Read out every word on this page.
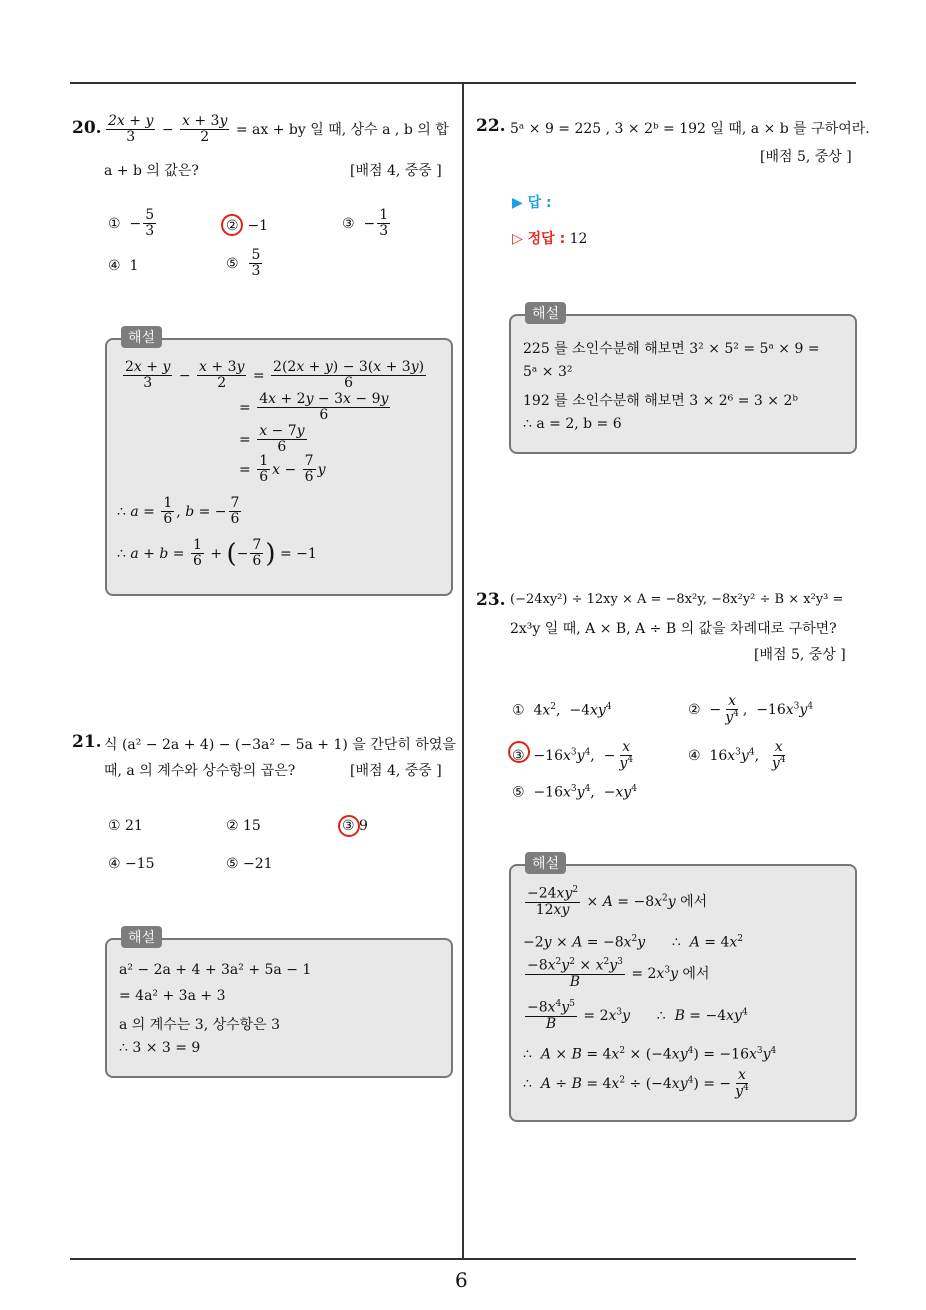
20. $\frac{2x + y}{3} - \frac{x + 3y}{2}$ = ax + by 일 때, 상수 a , b 의 합
a + b 의 값은?	[배점 4, 중중 ]
①  − $\frac{5}{3}$	②  −1	③  − $\frac{1}{3}$
④  1	⑤ $\frac{5}{3}$
해설
$\frac{2x + y}{3} - \frac{x + 3y}{2} = \frac{2(2x + y) - 3(x + 3y)}{6}$
= $\frac{4x + 2y - 3x - 9y}{6}$
= $\frac{x - 7y}{6}$
= $\frac{1}{6}$ $x - \frac{7}{6}$ y
∴ $a = \frac{1}{6}$ , b = − $\frac{7}{6}$
∴ $a + b = \frac{1}{6}$ + (− $\frac{7}{6}$ ) = −1
21. 식 (a² − 2a + 4) − (−3a² − 5a + 1) 을 간단히 하였을
때, a 의 계수와 상수항의 곱은?	[배점 4, 중중 ]
① 21	② 15	③ 9
④ −15	⑤ −21
해설
a² − 2a + 4 + 3a² + 5a − 1
= 4a² + 3a + 3
a 의 계수는 3, 상수항은 3
∴ 3 × 3 = 9
22. 5ᵃ × 9 = 225 , 3 × 2ᵇ = 192 일 때, a × b 를 구하여라.
[배점 5, 중상 ]
▶ 답 :
▷ 정답 : 12
해설
225 를 소인수분해 해보면 3² × 5² = 5ᵃ × 9 =
5ᵃ × 3²
192 를 소인수분해 해보면 3 × 2⁶ = 3 × 2ᵇ
∴ a = 2, b = 6
23. (−24xy²) ÷ 12xy × A = −8x²y, −8x²y² ÷ B × x²y³ =
2x³y 일 때, A × B, A ÷ B 의 값을 차례대로 구하면?
[배점 5, 중상 ]
①  $4x^2$,  $-4xy^4$	②  − $\frac{x}{y^4}$ ,  $-16x^3y^4$
③  $-16x^3y^4$,  − $\frac{x}{y^4}$	④  $16x^3y^4$, $\frac{x}{y^4}$
⑤  $-16x^3y^4$,  $-xy^4$
해설
$\frac{-24xy^2}{12xy} \times A = -8x^2y$ 에서
$-2y \times A = -8x^2y$      ∴  $A = 4x^2$
$\frac{-8x^2y^2 \times x^2y^3}{B} = 2x^3y$ 에서
$\frac{-8x^4y^5}{B} = 2x^3y$      ∴  $B = -4xy^4$
∴  $A \times B = 4x^2 \times (-4xy^4) = -16x^3y^4$
∴  $A \div B = 4x^2 \div (-4xy^4)$ = − $\frac{x}{y^4}$
6
